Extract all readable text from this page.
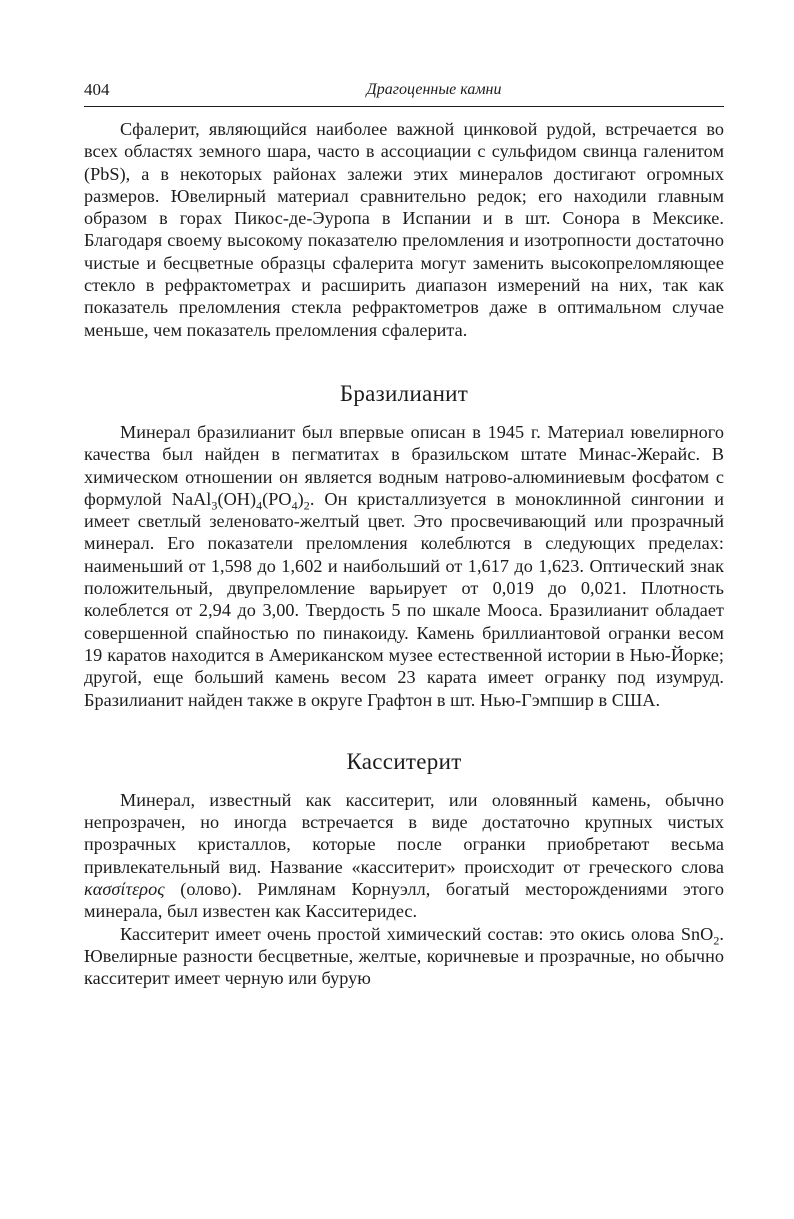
404	Драгоценные камни

Сфалерит, являющийся наиболее важной цинковой рудой, встречается во всех областях земного шара, часто в ассоциации с сульфидом свинца галенитом (PbS), а в некоторых районах залежи этих минералов достигают огромных размеров. Ювелирный материал сравнительно редок; его находили главным образом в горах Пикос-де-Эуропа в Испании и в шт. Сонора в Мексике. Благодаря своему высокому показателю преломления и изотропности достаточно чистые и бесцветные образцы сфалерита могут заменить высокопреломляющее стекло в рефрактометрах и расширить диапазон измерений на них, так как показатель преломления стекла рефрактометров даже в оптимальном случае меньше, чем показатель преломления сфалерита.

Бразилианит

Минерал бразилианит был впервые описан в 1945 г. Материал ювелирного качества был найден в пегматитах в бразильском штате Минас-Жерайс. В химическом отношении он является водным натрово-алюминиевым фосфатом с формулой $NaAl_3(OH)_4(PO_4)_2$. Он кристаллизуется в моноклинной сингонии и имеет светлый зеленовато-желтый цвет. Это просвечивающий или прозрачный минерал. Его показатели преломления колеблются в следующих пределах: наименьший от 1,598 до 1,602 и наибольший от 1,617 до 1,623. Оптический знак положительный, двупреломление варьирует от 0,019 до 0,021. Плотность колеблется от 2,94 до 3,00. Твердость 5 по шкале Мооса. Бразилианит обладает совершенной спайностью по пинакоиду. Камень бриллиантовой огранки весом 19 каратов находится в Американском музее естественной истории в Нью-Йорке; другой, еще больший камень весом 23 карата имеет огранку под изумруд. Бразилианит найден также в округе Графтон в шт. Нью-Гэмпшир в США.

Касситерит

Минерал, известный как касситерит, или оловянный камень, обычно непрозрачен, но иногда встречается в виде достаточно крупных чистых прозрачных кристаллов, которые после огранки приобретают весьма привлекательный вид. Название «касситерит» происходит от греческого слова κασσίτερος (олово). Римлянам Корнуэлл, богатый месторождениями этого минерала, был известен как Касситеридес.

Касситерит имеет очень простой химический состав: это окись олова SnO$_2$. Ювелирные разности бесцветные, желтые, коричневые и прозрачные, но обычно касситерит имеет черную или бурую
